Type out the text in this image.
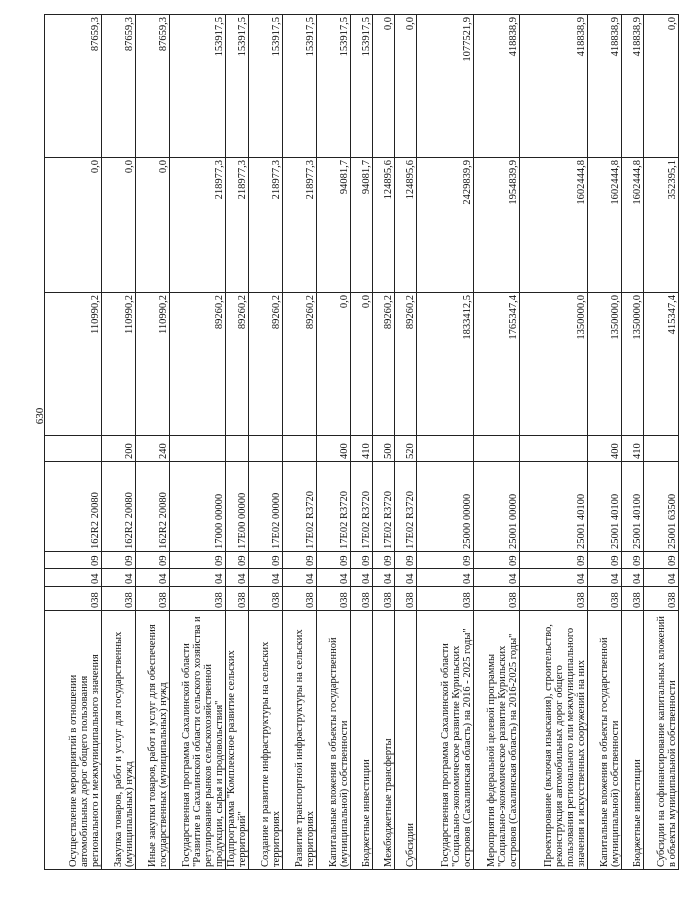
630
Осуществление мероприятий в отношении автомобильных дорог общего пользования регионального и межмуниципального значения	038	04	09	162R2 20080		110990,2	0,0	87659,3
Закупка товаров, работ и услуг для государственных (муниципальных) нужд	038	04	09	162R2 20080	200	110990,2	0,0	87659,3
Иные закупки товаров, работ и услуг для обеспечения государственных (муниципальных) нужд	038	04	09	162R2 20080	240	110990,2	0,0	87659,3
Государственная программа Сахалинской области "Развитие в Сахалинской области сельского хозяйства и регулирование рынков сельскохозяйственной продукции, сырья и продовольствия"	038	04	09	17000 00000		89260,2	218977,3	153917,5
Подпрограмма "Комплексное развитие сельских территорий"	038	04	09	17Е00 00000		89260,2	218977,3	153917,5
Создание и развитие инфраструктуры на сельских территориях	038	04	09	17Е02 00000		89260,2	218977,3	153917,5
Развитие транспортной инфраструктуры на сельских территориях	038	04	09	17Е02 R3720		89260,2	218977,3	153917,5
Капитальные вложения в объекты государственной (муниципальной) собственности	038	04	09	17Е02 R3720	400	0,0	94081,7	153917,5
Бюджетные инвестиции	038	04	09	17Е02 R3720	410	0,0	94081,7	153917,5
Межбюджетные трансферты	038	04	09	17Е02 R3720	500	89260,2	124895,6	0,0
Субсидии	038	04	09	17Е02 R3720	520	89260,2	124895,6	0,0
Государственная программа Сахалинской области "Социально-экономическое развитие Курильских островов (Сахалинская область) на 2016 - 2025 годы"	038	04	09	25000 00000		1833412,5	2429839,9	1077521,9
Мероприятия федеральной целевой программы "Социально-экономическое развитие Курильских островов (Сахалинская область) на 2016-2025 годы"	038	04	09	25001 00000		1765347,4	1954839,9	418838,9
Проектирование (включая изыскания), строительство, реконструкция автомобильных дорог общего пользования регионального или межмуниципального значения и искусственных сооружений на них	038	04	09	25001 40100		1350000,0	1602444,8	418838,9
Капитальные вложения в объекты государственной (муниципальной) собственности	038	04	09	25001 40100	400	1350000,0	1602444,8	418838,9
Бюджетные инвестиции	038	04	09	25001 40100	410	1350000,0	1602444,8	418838,9
Субсидии на софинансирование капитальных вложений в объекты муниципальной собственности	038	04	09	25001 63500		415347,4	352395,1	0,0
